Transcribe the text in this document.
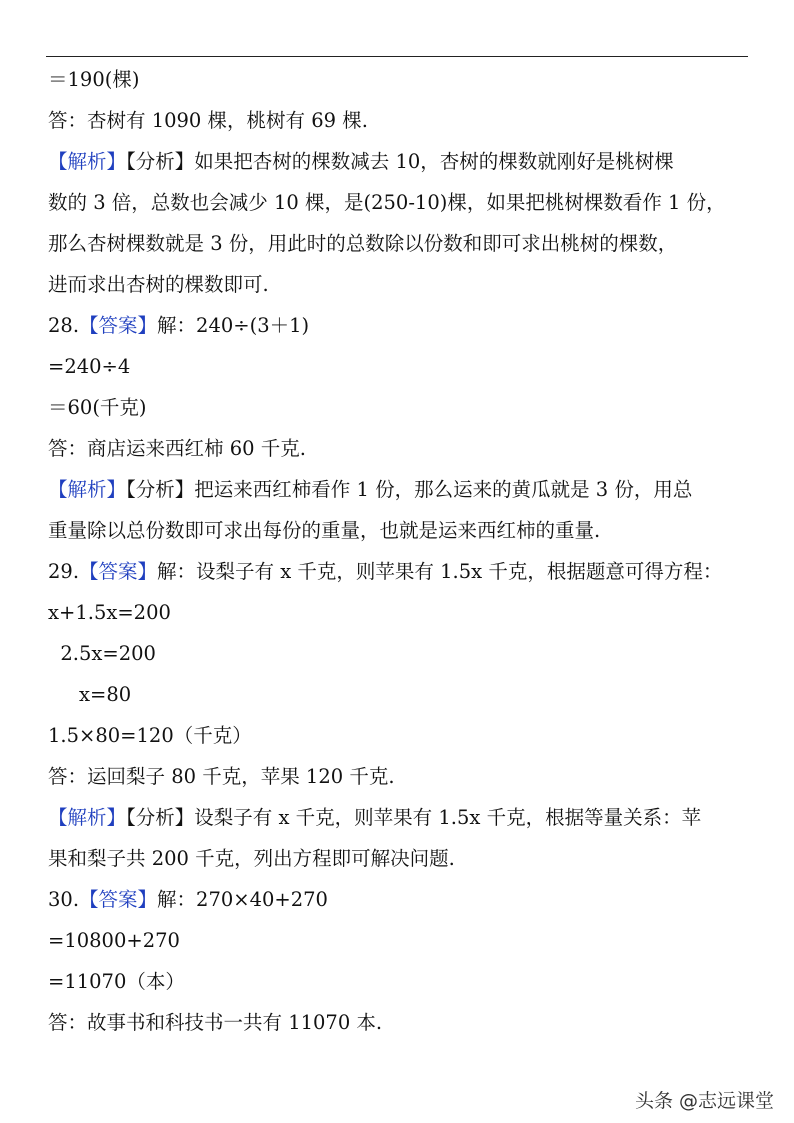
＝190(棵)
答：杏树有 1090 棵，桃树有 69 棵.
【解析】【分析】如果把杏树的棵数减去 10，杏树的棵数就刚好是桃树棵
数的 3 倍，总数也会减少 10 棵，是(250-10)棵，如果把桃树棵数看作 1 份，
那么杏树棵数就是 3 份，用此时的总数除以份数和即可求出桃树的棵数，
进而求出杏树的棵数即可.
28.【答案】解：240÷(3＋1)
=240÷4
＝60(千克)
答：商店运来西红柿 60 千克.
【解析】【分析】把运来西红柿看作 1 份，那么运来的黄瓜就是 3 份，用总
重量除以总份数即可求出每份的重量，也就是运来西红柿的重量.
29.【答案】解：设梨子有 x 千克，则苹果有 1.5x 千克，根据题意可得方程：
x+1.5x=200
2.5x=200
x=80
1.5×80=120（千克）
答：运回梨子 80 千克，苹果 120 千克.
【解析】【分析】设梨子有 x 千克，则苹果有 1.5x 千克，根据等量关系：苹
果和梨子共 200 千克，列出方程即可解决问题.
30.【答案】解：270×40+270
=10800+270
=11070（本）
答：故事书和科技书一共有 11070 本.
头条 @志远课堂
